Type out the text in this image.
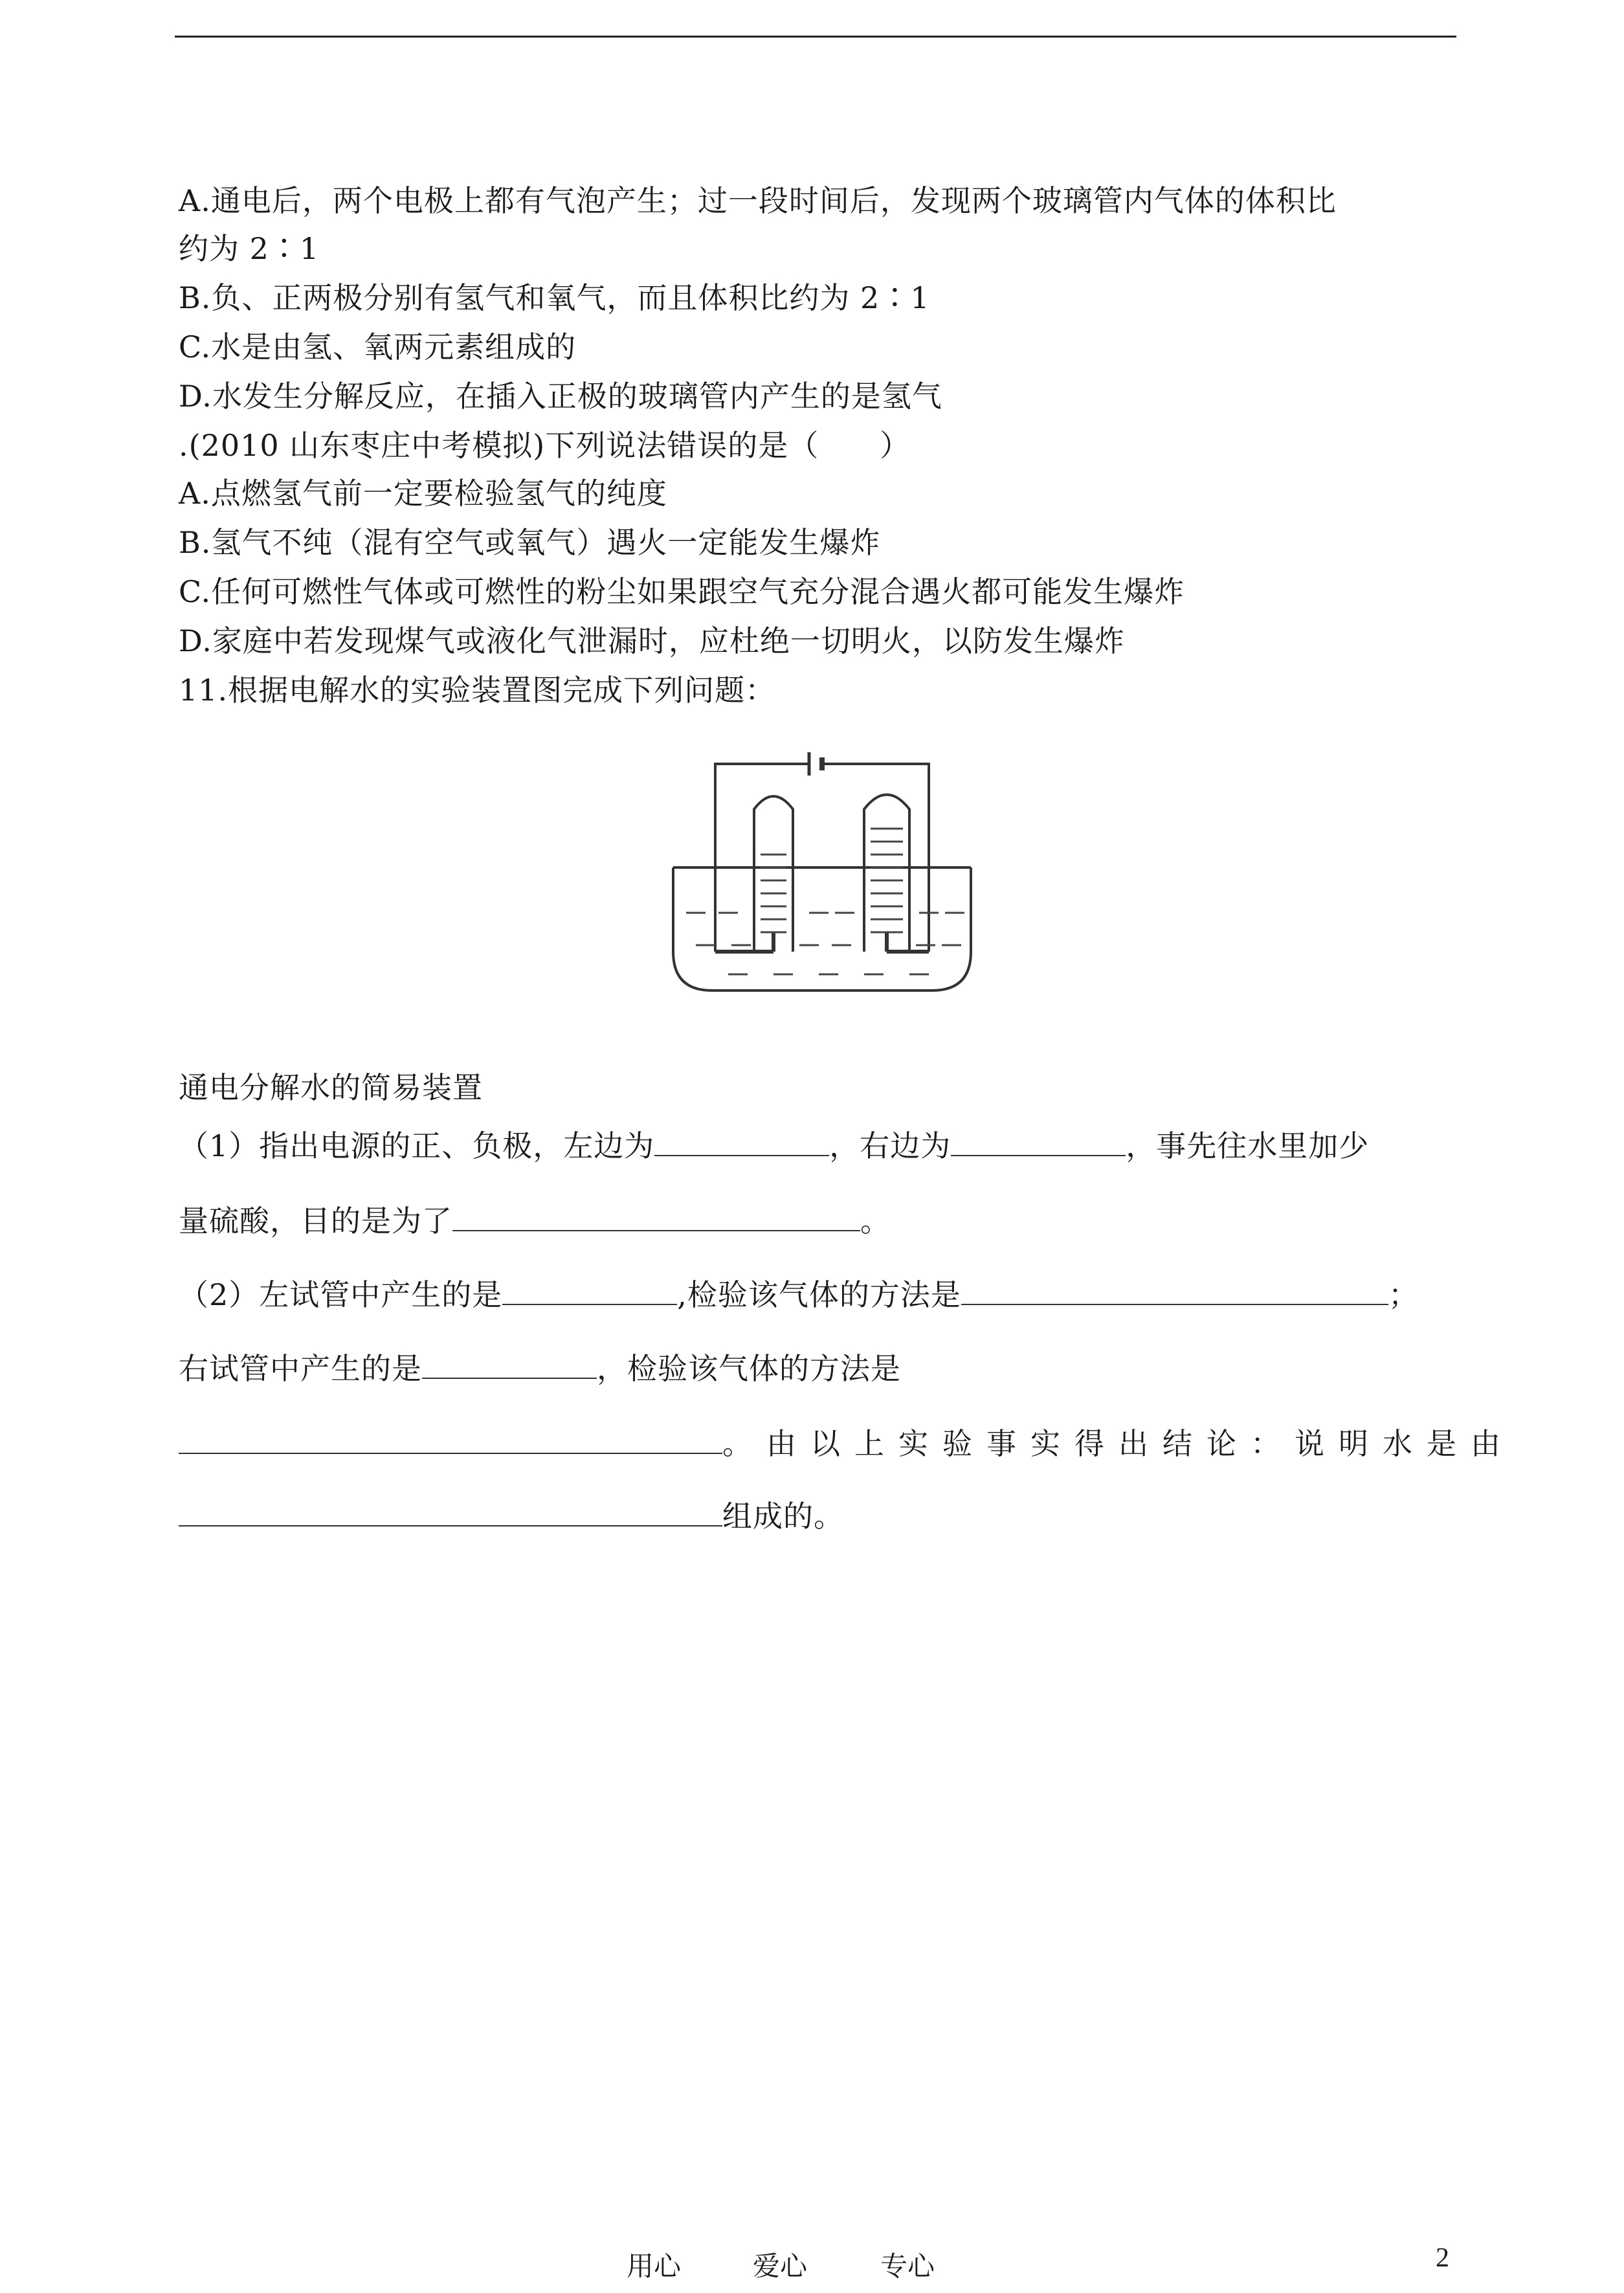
A.通电后，两个电极上都有气泡产生；过一段时间后，发现两个玻璃管内气体的体积比
约为 2∶1
B.负、正两极分别有氢气和氧气，而且体积比约为 2∶1
C.水是由氢、氧两元素组成的
D.水发生分解反应，在插入正极的玻璃管内产生的是氢气
.(2010 山东枣庄中考模拟)下列说法错误的是（　　）
A.点燃氢气前一定要检验氢气的纯度
B.氢气不纯（混有空气或氧气）遇火一定能发生爆炸
C.任何可燃性气体或可燃性的粉尘如果跟空气充分混合遇火都可能发生爆炸
D.家庭中若发现煤气或液化气泄漏时，应杜绝一切明火，以防发生爆炸
11.根据电解水的实验装置图完成下列问题：
通电分解水的简易装置
（1）指出电源的正、负极，左边为	，右边为	，事先往水里加少
量硫酸，目的是为了	。
（2）左试管中产生的是	,检验该气体的方法是	；
右试管中产生的是	，检验该气体的方法是
。由以上实验事实得出结论：说明水是由
组成的。
用心	爱心	专心	2
